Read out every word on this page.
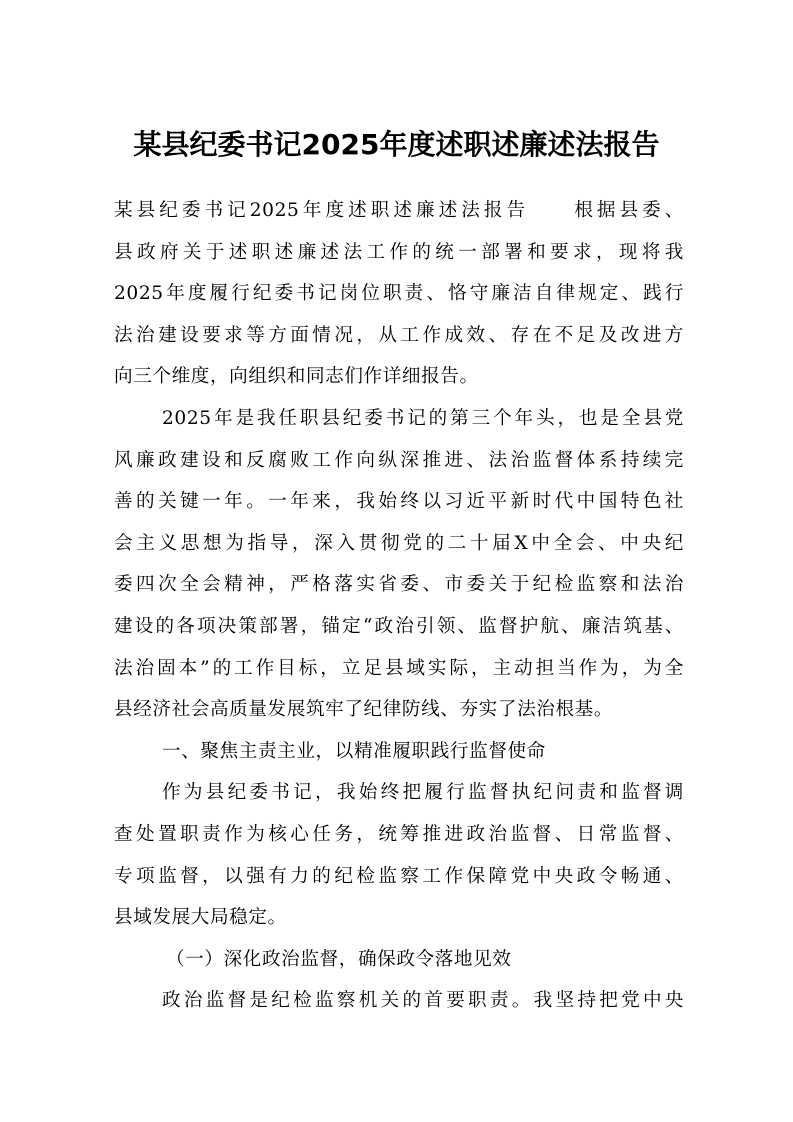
某县纪委书记2025年度述职述廉述法报告
某县纪委书记2025年度述职述廉述法报告　　根据县委、
县政府关于述职述廉述法工作的统一部署和要求，现将我
2025年度履行纪委书记岗位职责、恪守廉洁自律规定、践行
法治建设要求等方面情况，从工作成效、存在不足及改进方
向三个维度，向组织和同志们作详细报告。
2025年是我任职县纪委书记的第三个年头，也是全县党
风廉政建设和反腐败工作向纵深推进、法治监督体系持续完
善的关键一年。一年来，我始终以习近平新时代中国特色社
会主义思想为指导，深入贯彻党的二十届X中全会、中央纪
委四次全会精神，严格落实省委、市委关于纪检监察和法治
建设的各项决策部署，锚定“政治引领、监督护航、廉洁筑基、
法治固本”的工作目标，立足县域实际，主动担当作为，为全
县经济社会高质量发展筑牢了纪律防线、夯实了法治根基。
一、聚焦主责主业，以精准履职践行监督使命
作为县纪委书记，我始终把履行监督执纪问责和监督调
查处置职责作为核心任务，统筹推进政治监督、日常监督、
专项监督，以强有力的纪检监察工作保障党中央政令畅通、
县域发展大局稳定。
（一）深化政治监督，确保政令落地见效
政治监督是纪检监察机关的首要职责。我坚持把党中央
